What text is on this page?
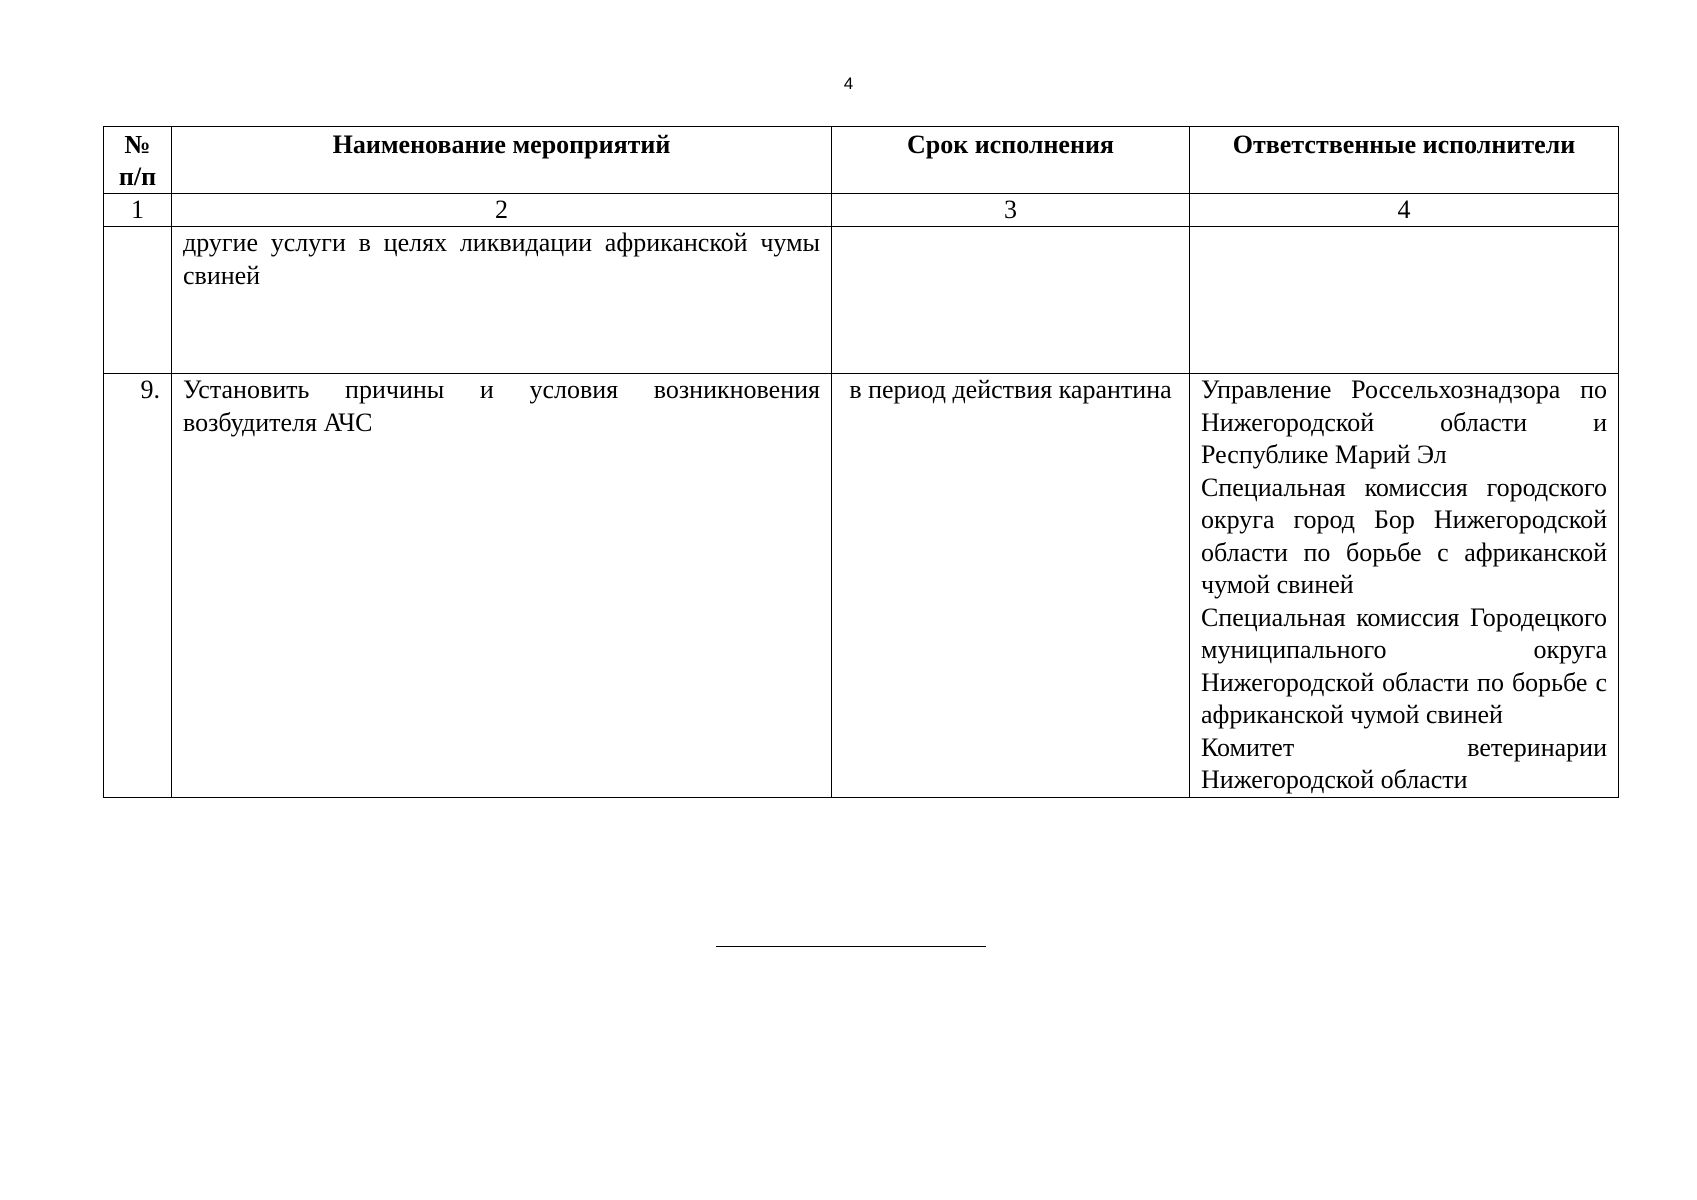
4
№ п/п	Наименование мероприятий	Срок исполнения	Ответственные исполнители
1	2	3	4
	другие услуги в целях ликвидации африканской чумы свиней		
9.	Установить причины и условия возникновения возбудителя АЧС	в период действия карантина	Управление Россельхознадзора по Нижегородской области и Республике Марий Эл
Специальная комиссия городского округа город Бор Нижегородской области по борьбе с африканской чумой свиней
Специальная комиссия Городецкого муниципального округа Нижегородской области по борьбе с африканской чумой свиней
Комитет ветеринарии Нижегородской области
